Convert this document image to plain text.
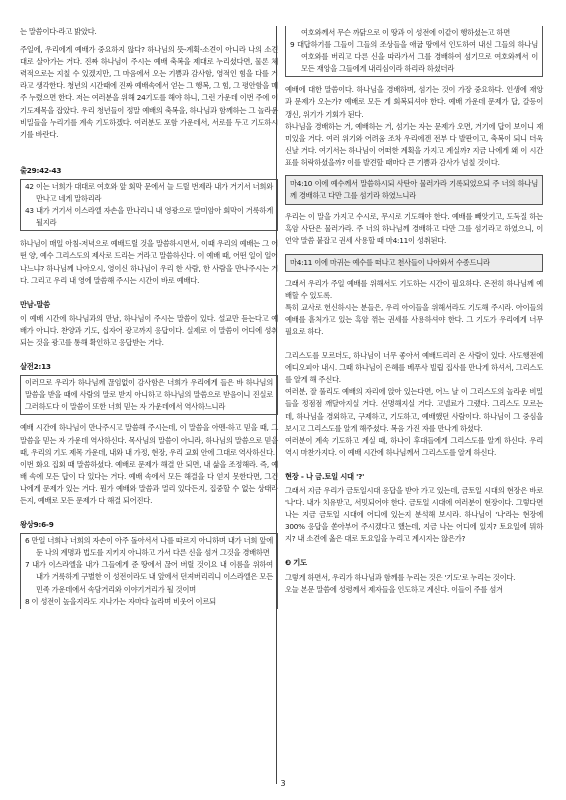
는 말씀이다-라고 밝았다.

주일에, 우리에게 예배가 중요하지 않다? 하나님의 뜻-계획-소견이 아니라 나의 소견대로 살아가는 거다. 진짜 하나님이 주시는 예배 축복을 제대로 누리셨다면, 물론 체력적으로는 지칠 수 있겠지만, 그 마음에서 오는 기쁨과 감사함, 영적인 힘을 다를 거라고 생각한다. 청년의 시간때에 진짜 예배속에서 얻는 그 행복, 그 힘, 그 평안함을 매주 누렸으면 한다. 저는 여러분을 위해 24기도를 해야 하니, 그런 가운데 이번 주에 이 기도제목을 잡았다. 우리 청년들이 정말 예배의 축복을, 하나님과 함께하는 그 놀라운 비밀들을 누리기를 계속 기도하겠다. 여러분도 포함 가운데서, 서로를 두고 기도하시기를 바란다.

출29:42-43

42 이는 너희가 대대로 여호와 앞 회막 문에서 늘 드릴 번제라 내가 거기서 너희와 만나고 네게 말하리라

43 내가 거기서 이스라엘 자손을 만나리니 내 영광으로 말미암아 회막이 거룩하게 될지라

하나님이 매일 아침-저녁으로 예배드릴 것을 말씀하시면서, 이때 우리의 예배는 그 어떤 양, 예수 그리스도의 제사로 드리는 거라고 말씀하신다. 이 예배 때, 어떤 일이 일어나느냐? 하나님께 나아오시, 영이신 하나님이 우리 한 사람, 한 사람을 만나주시는 거다. 그리고 우리 내 영에 말씀해 주시는 시간이 바로 예배다.

만남-말씀

이 예배 시간에 하나님과의 만남, 하나님이 주시는 말씀이 있다. 설교만 듣는다고 예배가 아니다. 찬양과 기도, 십자어 광고까지 응답이다. 실제로 이 말씀이 어디에 성취되는 것을 광고를 통해 확인하고 응답받는 거다.

살전2:13

이러므로 우리가 하나님께 끊임없이 감사함은 너희가 우리에게 들은 바 하나님의 말씀을 받을 때에 사람의 말로 받지 아니하고 하나님의 말씀으로 받음이니 진실로 그러하도다 이 말씀이 또한 너희 믿는 자 가운데에서 역사하느니라

예배 시간에 하나님이 만나주시고 말씀해 주시는데, 이 말씀을 아멘-하고 믿을 때, 그 말씀을 믿는 자 가운데 역사하신다. 목사님의 말씀이 아니라, 하나님의 말씀으로 믿을 때, 우리의 기도 제목 가운데, 내와 내 가정, 현장, 우리 교회 안에 그대로 역사하신다.

이번 화요 집회 때 말씀하셨다. 예배로 문제가 해결 안 되면, 내 삶을 조정해라. 즉, 예배 속에 모든 답이 다 있다는 거다. 예배 속에서 모든 해결을 다 얻지 못한다면, 그건 나에게 문제가 있는 거다. 뭔가 예배와 말씀과 멀리 있다든지, 집중할 수 없는 상태라든지, 예배로 모든 문제가 다 해결 되어진다.

왕상9:6-9

6 만일 너희나 너희의 자손이 아주 돌아서서 나를 따르지 아니하며 내가 너희 앞에 둔 나의 계명과 법도를 지키지 아니하고 가서 다른 신을 섬겨 그것을 경배하면

7 내가 이스라엘을 내가 그들에게 준 땅에서 끊어 버릴 것이요 내 이름을 위하여 내가 거룩하게 구별한 이 성전이라도 내 앞에서 던져버리리니 이스라엘은 모든 민족 가운데에서 속담거리와 이야기거리가 될 것이며

8 이 성전이 높을지라도 지나가는 자마다 놀라며 비웃어 이르되

여호와께서 무슨 까닭으로 이 땅과 이 성전에 이같이 행하셨는고 하면

9 대답하기를 그들이 그들의 조상들을 애굽 땅에서 인도하여 내신 그들의 하나님 여호와를 버리고 다른 신을 따라가서 그를 경배하여 섬기므로 여호와께서 이 모든 재앙을 그들에게 내리심이라 하리라 하셨더라

예배에 대한 말씀이다. 하나님을 경배하며, 섬기는 것이 가장 중요하다. 인생에 재앙과 문제가 오는가? 예배로 모든 게 회복되셔야 한다. 예배 가운데 문제가 답, 갈등이 갱신, 위기가 기회가 된다.

하나님을 경배하는 거, 예배하는 거, 섬기는 자는 문제가 오면, 거기에 답이 보이니 재미있을 거다. 여러 위기와 어려움 조차 우리에겐 전부 다 발판이고, 축복이 되니 더욱 신날 거다. 여기서는 하나님이 어떠한 계획을 가지고 계실까? 지금 나에게 왜 이 시간표를 허락하셨을까? 이를 발견할 때마다 큰 기쁨과 감사가 넘칠 것이다.

마4:10 이에 예수께서 말씀하시되 사탄아 물러가라 기록되었으되 주 너의 하나님께 경배하고 다만 그를 섬기라 하였느니라

우리는 이 말을 가지고 수시로, 무시로 기도해야 한다. 예배를 빼앗기고, 도둑질 하는 흑암 사단은 물러가라. 주 너의 하나님께 경배하고 다만 그를 섬기라고 하였으니, 이 언약 말씀 붙잡고 권세 사용할 때 마4:11이 성취된다.

마4:11 이에 마귀는 예수를 떠나고 천사들이 나아와서 수종드니라

그래서 우리가 주일 예배를 위해서도 기도하는 시간이 필요하다. 온전히 하나님께 예배할 수 있도록.

특히 교사로 헌신하시는 분들은, 우리 아이들을 위해서라도 기도해 주시라. 아이들의 예배를 흩처가고 있는 흑암 꺾는 권세를 사용하셔야 한다. 그 기도가 우리에게 너무 필요로 하다.

그리스도를 모르더도, 하나님이 너무 좋아서 예배드리러 온 사람이 있다. 사도행전에 에디오피아 내시. 그때 하나님이 은혜를 베푸사 빌립 집사를 만나게 하셔서, 그리스도를 알게 해 주신다.

여러분, 잘 풀리도 예배의 자리에 앉아 있는다면, 어느 날 이 그리스도의 놀라운 비밀들을 정점점 깨달아지실 거다. 선명해지실 거다. 고넬료가 그랬다. 그리스도 모르는데, 하나님을 경외하고, 구제하고, 기도하고, 예배했던 사람이다. 하나님이 그 중심을 보시고 그리스도를 알게 해주셨다. 복음 가진 자를 만나게 하셨다.

여러분이 계속 기도하고 계실 때, 하나이 후대들에게 그리스도를 알게 하신다. 우리 역시 마찬가지다. 이 예배 시간에 하나님께서 그리스도를 알게 하신다.

현장 - 나 금.토일 시대 '?'

그래서 지금 우리가 금토일시대 응답을 받아 가고 있는데, 금토일 시대의 현장은 바로 '나'다. 내가 치유받고, 서밋되어야 한다. 금토일 시대에 여러분이 현장이다. 그렇다면 나는 지금 금토일 시대에 어디에 있는지 분석해 보시라. 하나님이 '나'라는 현장에 300% 응답을 쏟아부어 주시겠다고 했는데, 지금 나는 어디에 있지? 토요일에 뭐하지? 내 소견에 옳은 대로 토요일을 누리고 계시지는 않은가?

❸ 기도

그렇게 하면서, 우리가 하나님과 함께를 누리는 것은 '기도'로 누리는 것이다.

오늘 본문 말씀에 성령께서 제자들을 인도하고 계신다. 이들이 주를 섬겨

3
